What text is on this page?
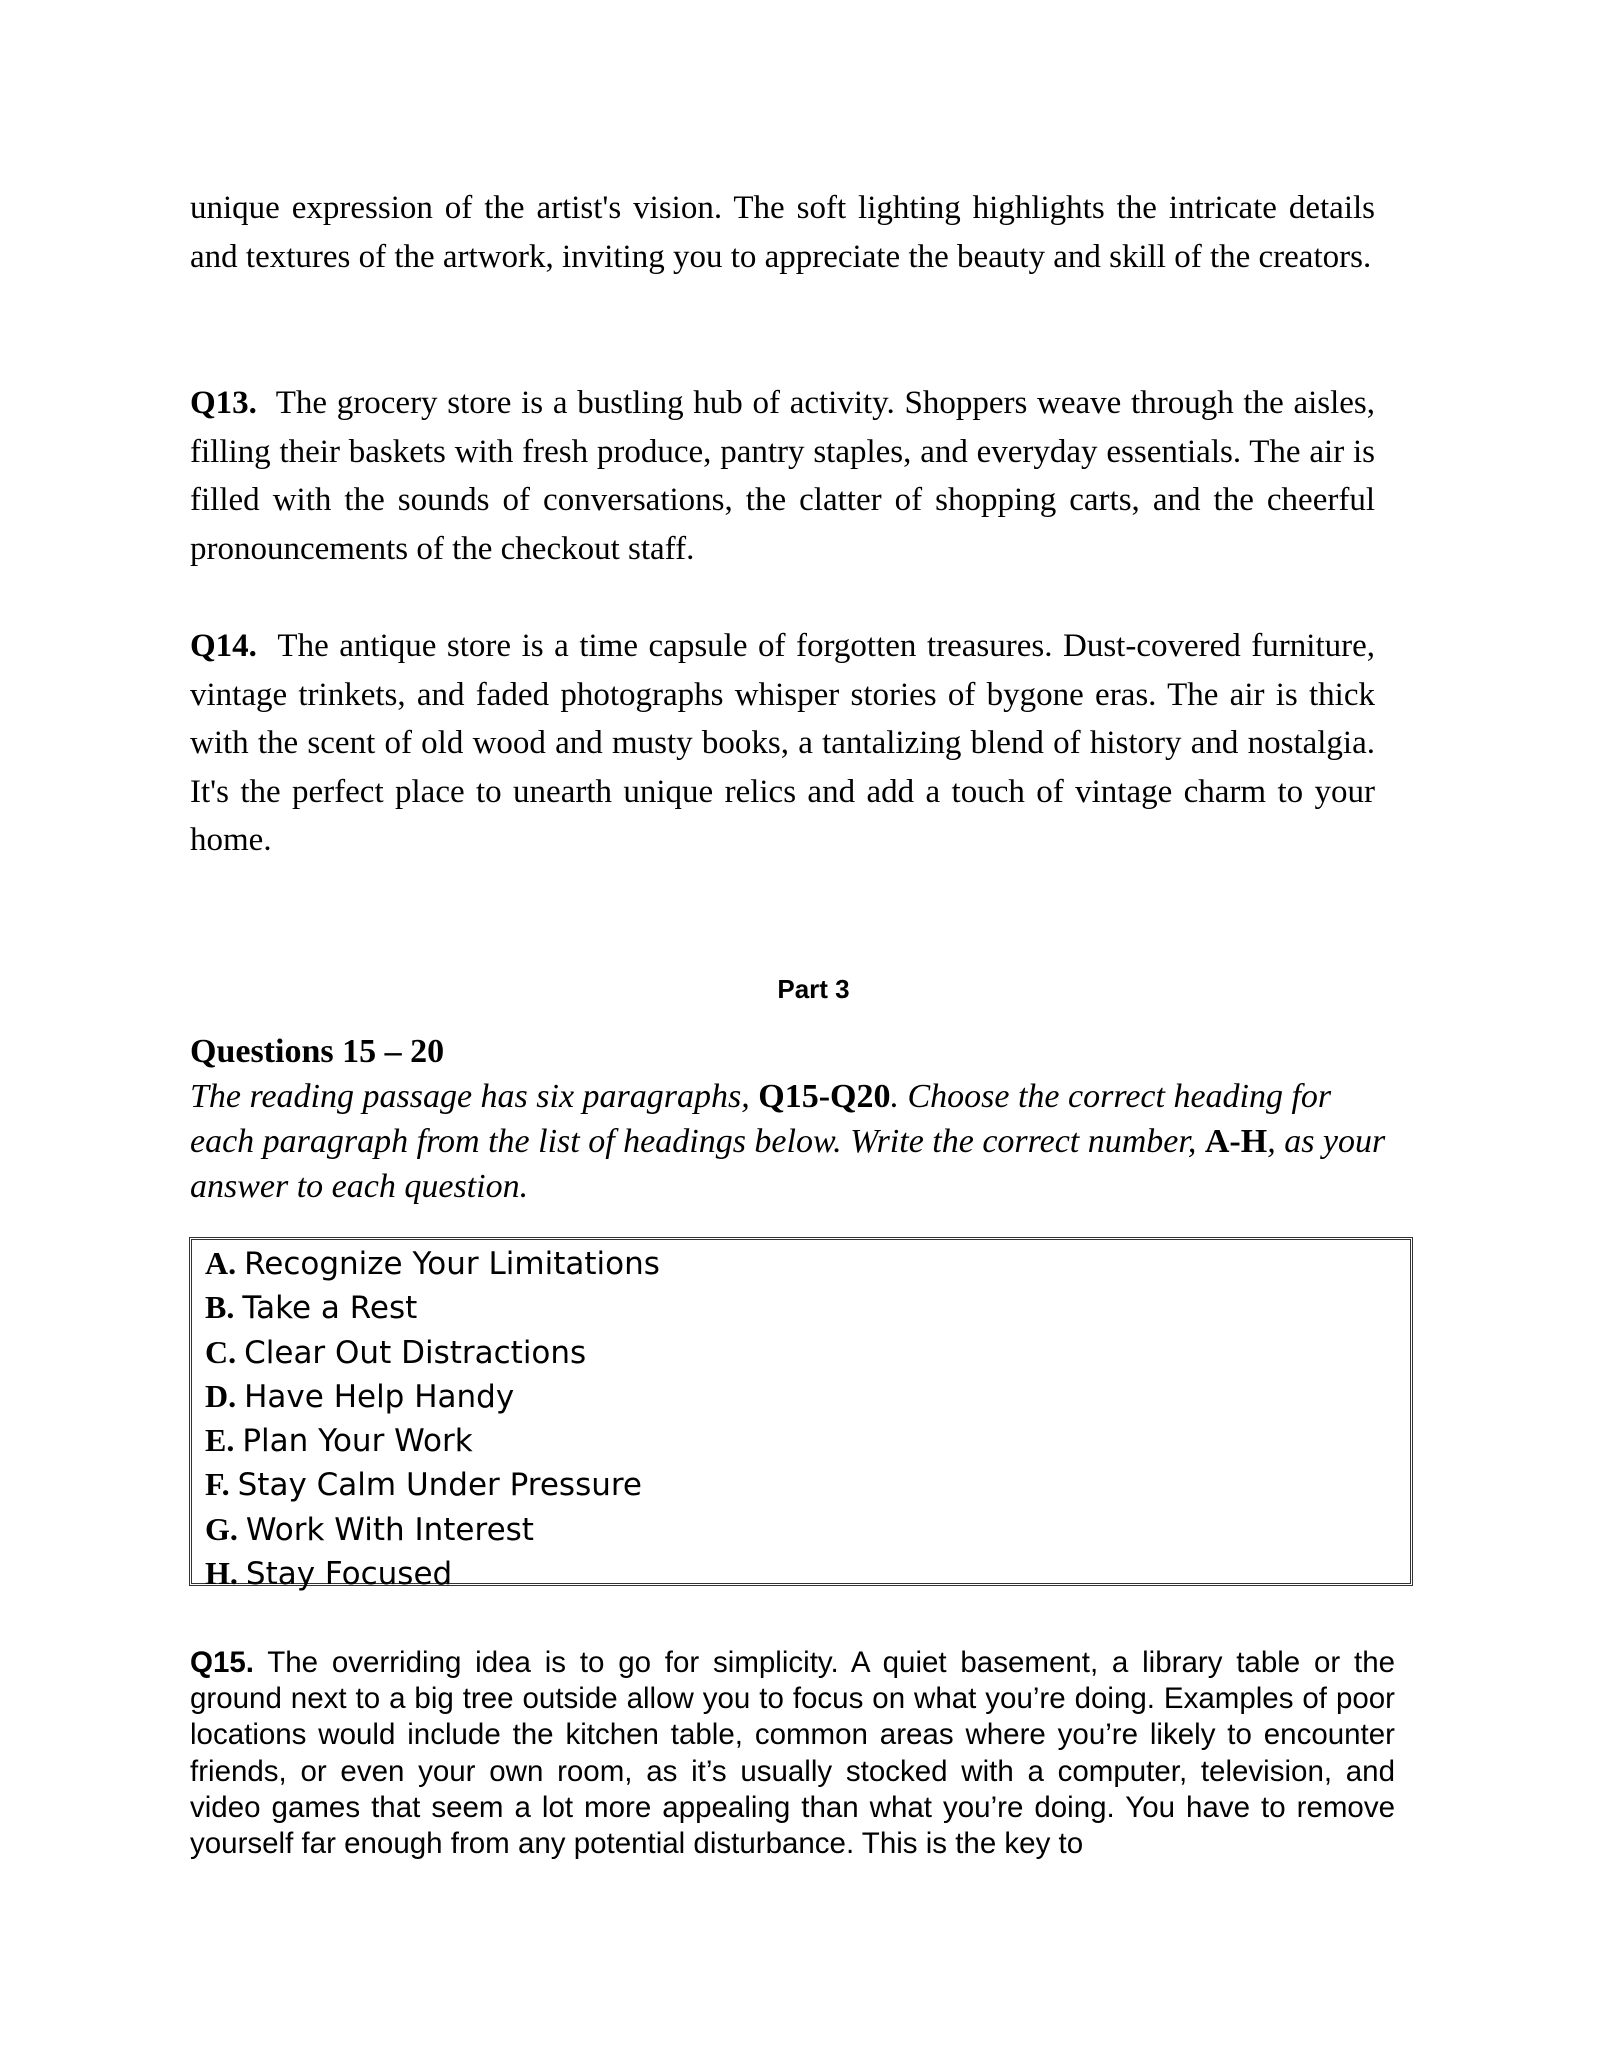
unique expression of the artist's vision. The soft lighting highlights the intricate details and textures of the artwork, inviting you to appreciate the beauty and skill of the creators.

Q13. The grocery store is a bustling hub of activity. Shoppers weave through the aisles, filling their baskets with fresh produce, pantry staples, and everyday essentials. The air is filled with the sounds of conversations, the clatter of shopping carts, and the cheerful pronouncements of the checkout staff.

Q14. The antique store is a time capsule of forgotten treasures. Dust-covered furniture, vintage trinkets, and faded photographs whisper stories of bygone eras. The air is thick with the scent of old wood and musty books, a tantalizing blend of history and nostalgia. It's the perfect place to unearth unique relics and add a touch of vintage charm to your home.

Part 3

Questions 15 – 20

The reading passage has six paragraphs, Q15-Q20. Choose the correct heading for each paragraph from the list of headings below. Write the correct number, A-H, as your answer to each question.

A. Recognize Your Limitations
B. Take a Rest
C. Clear Out Distractions
D. Have Help Handy
E. Plan Your Work
F. Stay Calm Under Pressure
G. Work With Interest
H. Stay Focused

Q15. The overriding idea is to go for simplicity. A quiet basement, a library table or the ground next to a big tree outside allow you to focus on what you’re doing. Examples of poor locations would include the kitchen table, common areas where you’re likely to encounter friends, or even your own room, as it’s usually stocked with a computer, television, and video games that seem a lot more appealing than what you’re doing. You have to remove yourself far enough from any potential disturbance. This is the key to
